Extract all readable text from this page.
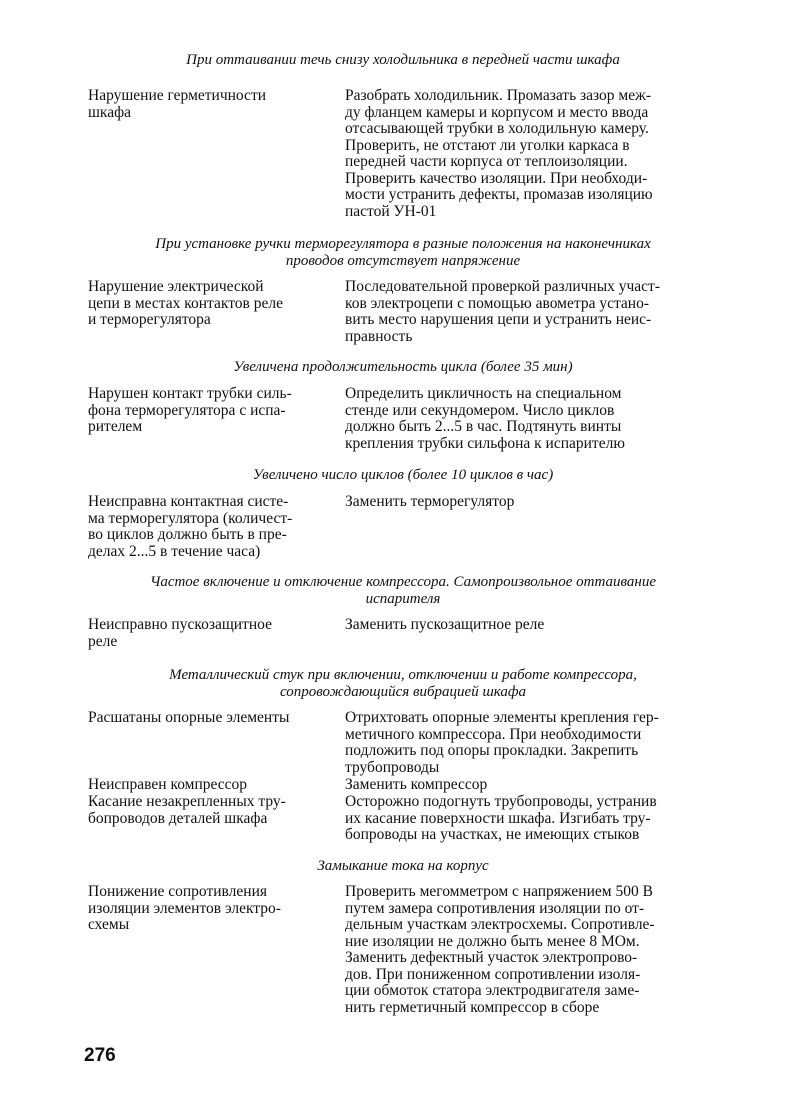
При оттаивании течь снизу холодильника в передней части шкафа
Нарушение герметичности
шкафа
Разобрать холодильник. Промазать зазор меж-
ду фланцем камеры и корпусом и место ввода
отсасывающей трубки в холодильную камеру.
Проверить, не отстают ли уголки каркаса в
передней части корпуса от теплоизоляции.
Проверить качество изоляции. При необходи-
мости устранить дефекты, промазав изоляцию
пастой УН-01
При установке ручки терморегулятора в разные положения на наконечниках
проводов отсутствует напряжение
Нарушение электрической
цепи в местах контактов реле
и терморегулятора
Последовательной проверкой различных участ-
ков электроцепи с помощью авометра устано-
вить место нарушения цепи и устранить неис-
правность
Увеличена продолжительность цикла (более 35 мин)
Нарушен контакт трубки силь-
фона терморегулятора с испа-
рителем
Определить цикличность на специальном
стенде или секундомером. Число циклов
должно быть 2...5 в час. Подтянуть винты
крепления трубки сильфона к испарителю
Увеличено число циклов (более 10 циклов в час)
Неисправна контактная систе-
ма терморегулятора (количест-
во циклов должно быть в пре-
делах 2...5 в течение часа)
Заменить терморегулятор
Частое включение и отключение компрессора. Самопроизвольное оттаивание
испарителя
Неисправно пускозащитное
реле
Заменить пускозащитное реле
Металлический стук при включении, отключении и работе компрессора,
сопровождающийся вибрацией шкафа
Расшатаны опорные элементы	Отрихтовать опорные элементы крепления гер-
метичного компрессора. При необходимости
подложить под опоры прокладки. Закрепить
трубопроводы
Неисправен компрессор	Заменить компрессор
Касание незакрепленных тру-
бопроводов деталей шкафа
Осторожно подогнуть трубопроводы, устранив
их касание поверхности шкафа. Изгибать тру-
бопроводы на участках, не имеющих стыков
Замыкание тока на корпус
Понижение сопротивления
изоляции элементов электро-
схемы
Проверить мегомметром с напряжением 500 В
путем замера сопротивления изоляции по от-
дельным участкам электросхемы. Сопротивле-
ние изоляции не должно быть менее 8 МОм.
Заменить дефектный участок электропрово-
дов. При пониженном сопротивлении изоля-
ции обмоток статора электродвигателя заме-
нить герметичный компрессор в сборе
276
